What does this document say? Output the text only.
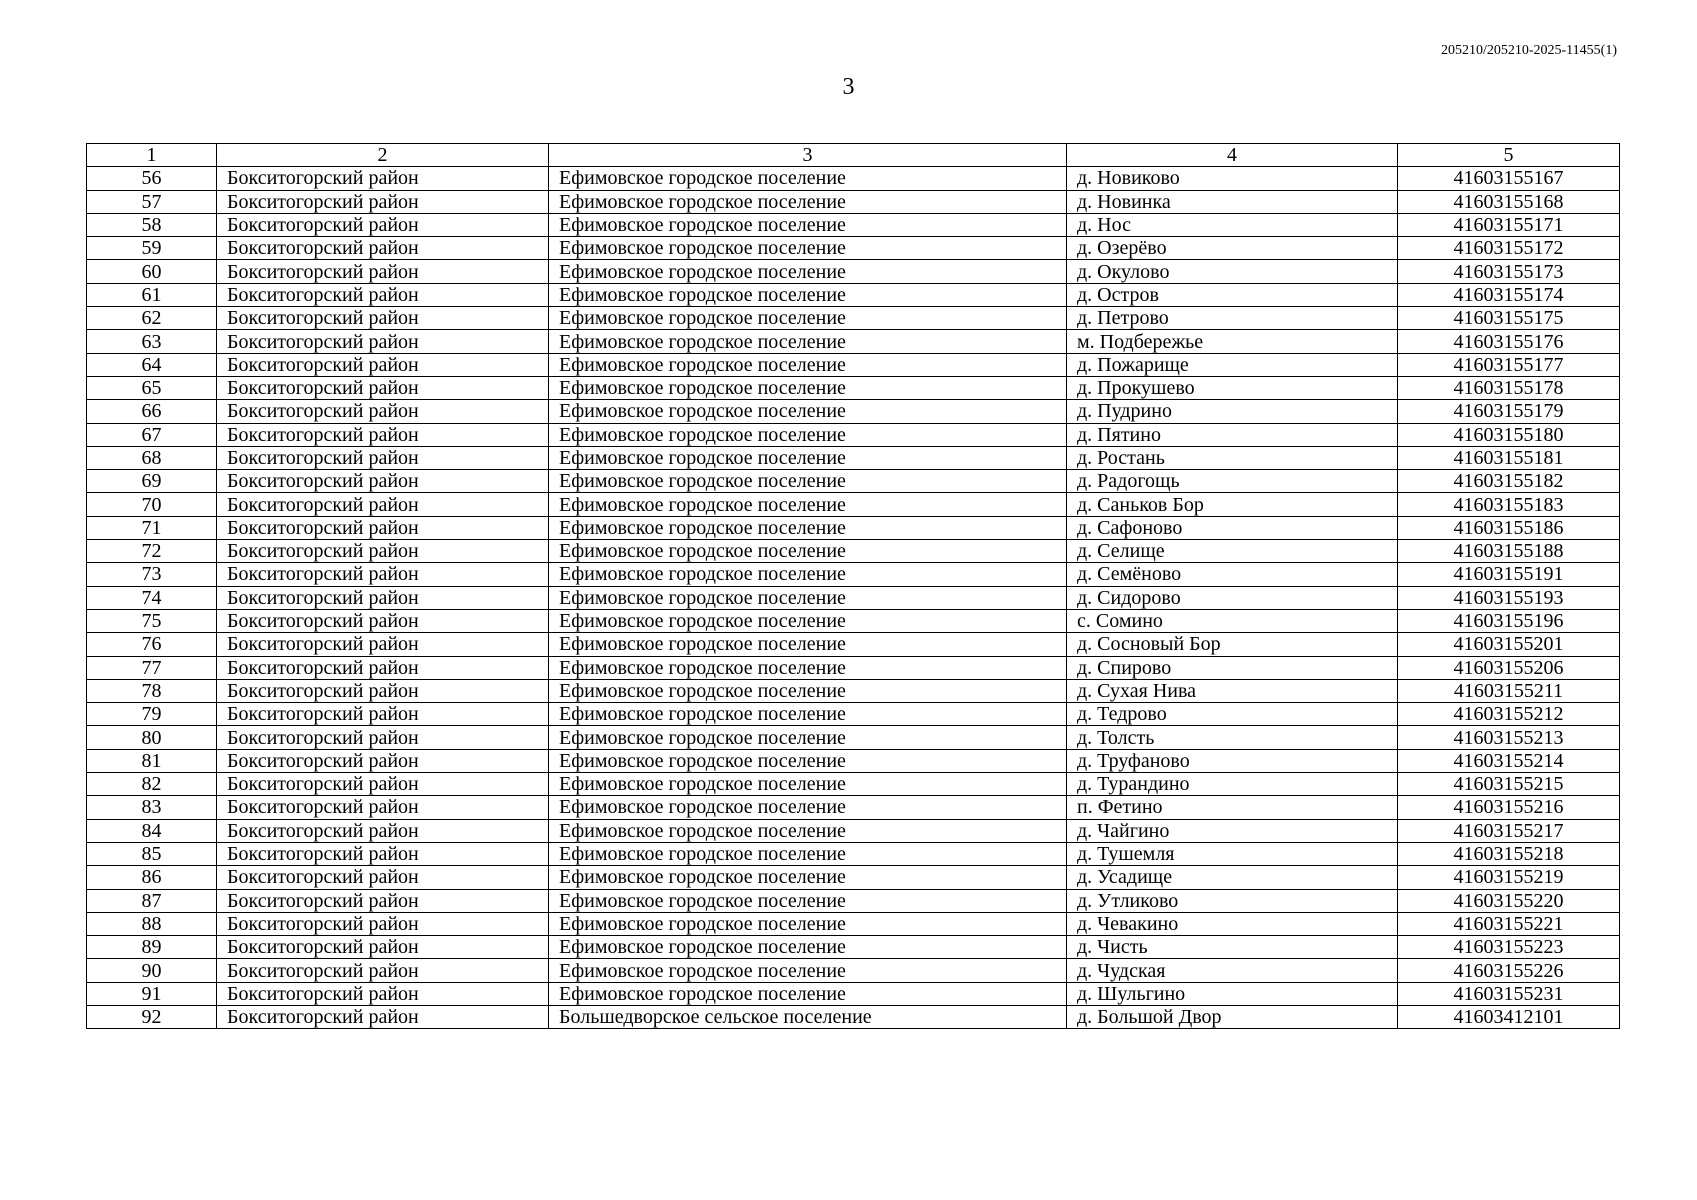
205210/205210-2025-11455(1)
3
1	2	3	4	5
56	Бокситогорский район	Ефимовское городское поселение	д. Новиково	41603155167
57	Бокситогорский район	Ефимовское городское поселение	д. Новинка	41603155168
58	Бокситогорский район	Ефимовское городское поселение	д. Нос	41603155171
59	Бокситогорский район	Ефимовское городское поселение	д. Озерёво	41603155172
60	Бокситогорский район	Ефимовское городское поселение	д. Окулово	41603155173
61	Бокситогорский район	Ефимовское городское поселение	д. Остров	41603155174
62	Бокситогорский район	Ефимовское городское поселение	д. Петрово	41603155175
63	Бокситогорский район	Ефимовское городское поселение	м. Подбережье	41603155176
64	Бокситогорский район	Ефимовское городское поселение	д. Пожарище	41603155177
65	Бокситогорский район	Ефимовское городское поселение	д. Прокушево	41603155178
66	Бокситогорский район	Ефимовское городское поселение	д. Пудрино	41603155179
67	Бокситогорский район	Ефимовское городское поселение	д. Пятино	41603155180
68	Бокситогорский район	Ефимовское городское поселение	д. Ростань	41603155181
69	Бокситогорский район	Ефимовское городское поселение	д. Радогощь	41603155182
70	Бокситогорский район	Ефимовское городское поселение	д. Саньков Бор	41603155183
71	Бокситогорский район	Ефимовское городское поселение	д. Сафоново	41603155186
72	Бокситогорский район	Ефимовское городское поселение	д. Селище	41603155188
73	Бокситогорский район	Ефимовское городское поселение	д. Семёново	41603155191
74	Бокситогорский район	Ефимовское городское поселение	д. Сидорово	41603155193
75	Бокситогорский район	Ефимовское городское поселение	с. Сомино	41603155196
76	Бокситогорский район	Ефимовское городское поселение	д. Сосновый Бор	41603155201
77	Бокситогорский район	Ефимовское городское поселение	д. Спирово	41603155206
78	Бокситогорский район	Ефимовское городское поселение	д. Сухая Нива	41603155211
79	Бокситогорский район	Ефимовское городское поселение	д. Тедрово	41603155212
80	Бокситогорский район	Ефимовское городское поселение	д. Толсть	41603155213
81	Бокситогорский район	Ефимовское городское поселение	д. Труфаново	41603155214
82	Бокситогорский район	Ефимовское городское поселение	д. Турандино	41603155215
83	Бокситогорский район	Ефимовское городское поселение	п. Фетино	41603155216
84	Бокситогорский район	Ефимовское городское поселение	д. Чайгино	41603155217
85	Бокситогорский район	Ефимовское городское поселение	д. Тушемля	41603155218
86	Бокситогорский район	Ефимовское городское поселение	д. Усадище	41603155219
87	Бокситогорский район	Ефимовское городское поселение	д. Утликово	41603155220
88	Бокситогорский район	Ефимовское городское поселение	д. Чевакино	41603155221
89	Бокситогорский район	Ефимовское городское поселение	д. Чисть	41603155223
90	Бокситогорский район	Ефимовское городское поселение	д. Чудская	41603155226
91	Бокситогорский район	Ефимовское городское поселение	д. Шульгино	41603155231
92	Бокситогорский район	Большедворское сельское поселение	д. Большой Двор	41603412101
